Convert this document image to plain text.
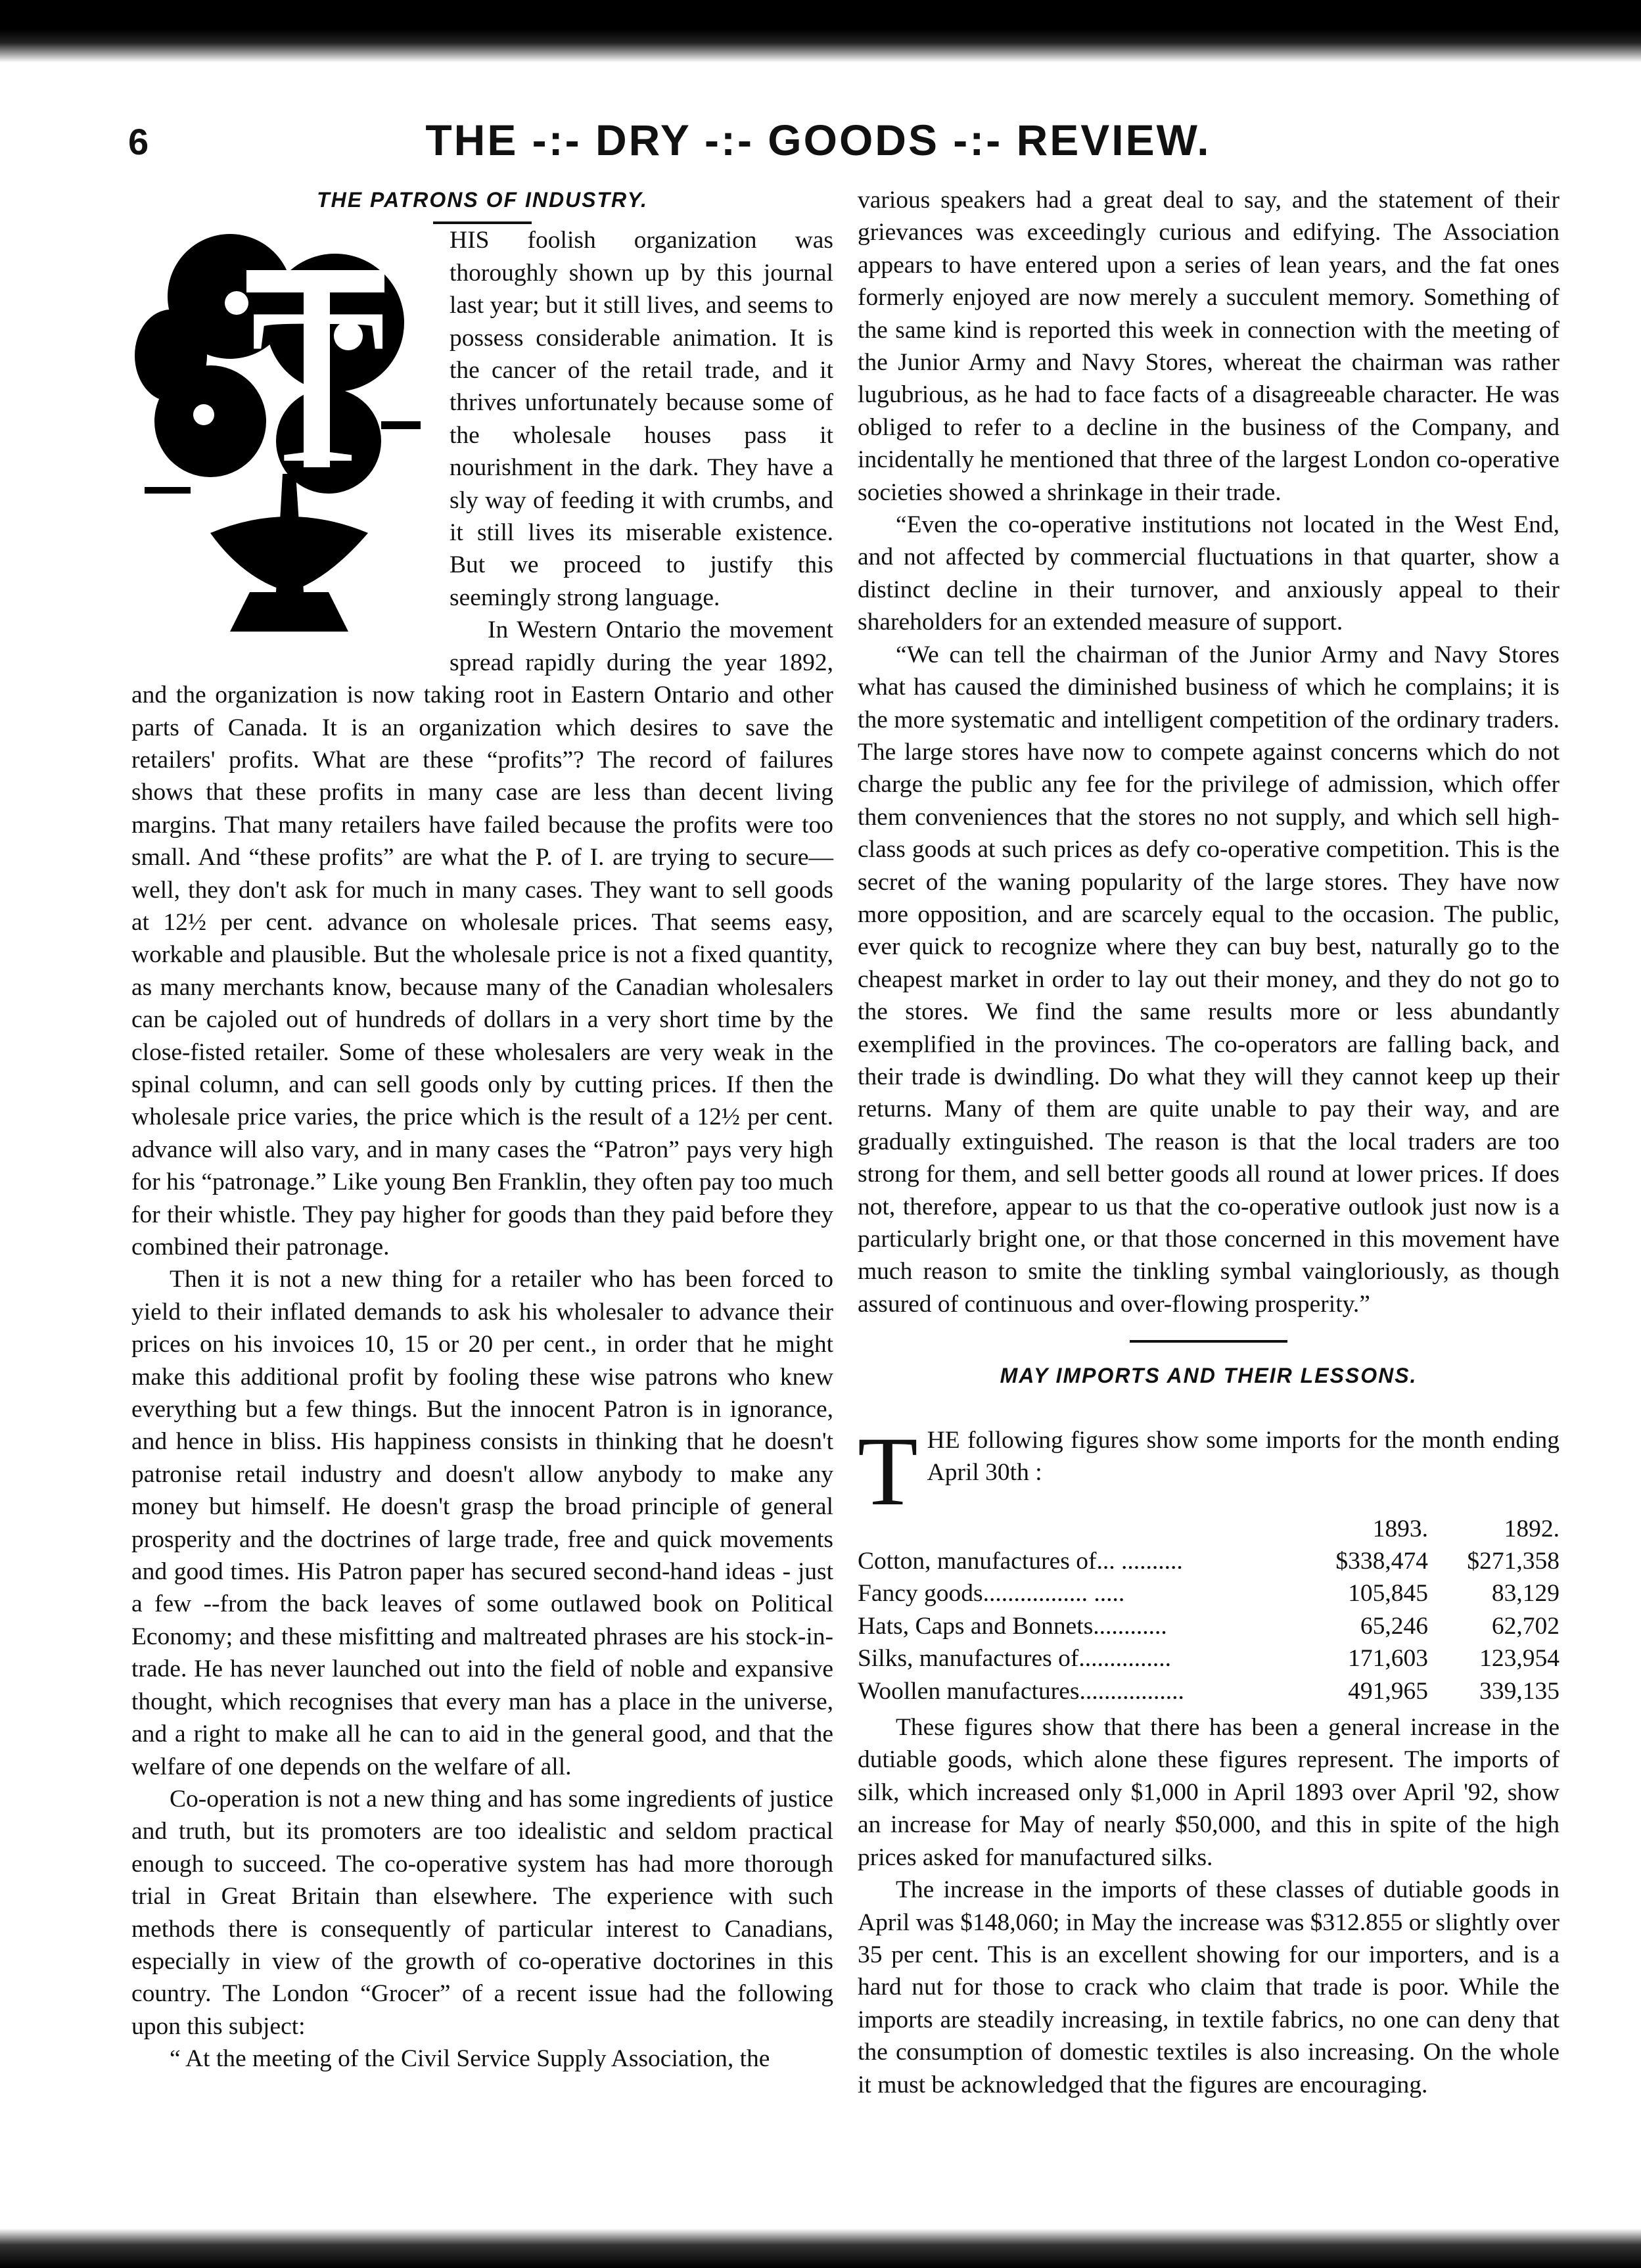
6	THE -:- DRY -:- GOODS -:- REVIEW.
THE PATRONS OF INDUSTRY.
T

HIS foolish organization was thoroughly shown up by this journal last year; but it still lives, and seems to possess considerable animation. It is the cancer of the retail trade, and it thrives unfortunately because some of the wholesale houses pass it nourishment in the dark. They have a sly way of feeding it with crumbs, and it still lives its miserable existence. But we proceed to justify this seemingly strong language.

In Western Ontario the movement spread rapidly during the year 1892, and the organization is now taking root in Eastern Ontario and other parts of Canada. It is an organization which desires to save the retailers' profits. What are these “profits”? The record of failures shows that these profits in many case are less than decent living margins. That many retailers have failed because the profits were too small. And “these profits” are what the P. of I. are trying to secure—well, they don't ask for much in many cases. They want to sell goods at 12½ per cent. advance on wholesale prices. That seems easy, workable and plausible. But the wholesale price is not a fixed quantity, as many merchants know, because many of the Canadian wholesalers can be cajoled out of hundreds of dollars in a very short time by the close-fisted retailer. Some of these wholesalers are very weak in the spinal column, and can sell goods only by cutting prices. If then the wholesale price varies, the price which is the result of a 12½ per cent. advance will also vary, and in many cases the “Patron” pays very high for his “patronage.” Like young Ben Franklin, they often pay too much for their whistle. They pay higher for goods than they paid before they combined their patronage.

Then it is not a new thing for a retailer who has been forced to yield to their inflated demands to ask his wholesaler to advance their prices on his invoices 10, 15 or 20 per cent., in order that he might make this additional profit by fooling these wise patrons who knew everything but a few things. But the innocent Patron is in ignorance, and hence in bliss. His happiness consists in thinking that he doesn't patronise retail industry and doesn't allow anybody to make any money but himself. He doesn't grasp the broad principle of general prosperity and the doctrines of large trade, free and quick movements and good times. His Patron paper has secured second-hand ideas - just a few --from the back leaves of some outlawed book on Political Economy; and these misfitting and maltreated phrases are his stock-in-trade. He has never launched out into the field of noble and expansive thought, which recognises that every man has a place in the universe, and a right to make all he can to aid in the general good, and that the welfare of one depends on the welfare of all.

Co-operation is not a new thing and has some ingredients of justice and truth, but its promoters are too idealistic and seldom practical enough to succeed. The co-operative system has had more thorough trial in Great Britain than elsewhere. The experience with such methods there is consequently of particular interest to Canadians, especially in view of the growth of co-operative doctorines in this country. The London “Grocer” of a recent issue had the following upon this subject:

“ At the meeting of the Civil Service Supply Association, the

various speakers had a great deal to say, and the statement of their grievances was exceedingly curious and edifying. The Association appears to have entered upon a series of lean years, and the fat ones formerly enjoyed are now merely a succulent memory. Something of the same kind is reported this week in connection with the meeting of the Junior Army and Navy Stores, whereat the chairman was rather lugubrious, as he had to face facts of a disagreeable character. He was obliged to refer to a decline in the business of the Company, and incidentally he mentioned that three of the largest London co-operative societies showed a shrinkage in their trade.

“Even the co-operative institutions not located in the West End, and not affected by commercial fluctuations in that quarter, show a distinct decline in their turnover, and anxiously appeal to their shareholders for an extended measure of support.

“We can tell the chairman of the Junior Army and Navy Stores what has caused the diminished business of which he complains; it is the more systematic and intelligent competition of the ordinary traders. The large stores have now to compete against concerns which do not charge the public any fee for the privilege of admission, which offer them conveniences that the stores no not supply, and which sell high-class goods at such prices as defy co-operative competition. This is the secret of the waning popularity of the large stores. They have now more opposition, and are scarcely equal to the occasion. The public, ever quick to recognize where they can buy best, naturally go to the cheapest market in order to lay out their money, and they do not go to the stores. We find the same results more or less abundantly exemplified in the provinces. The co-operators are falling back, and their trade is dwindling. Do what they will they cannot keep up their returns. Many of them are quite unable to pay their way, and are gradually extinguished. The reason is that the local traders are too strong for them, and sell better goods all round at lower prices. If does not, therefore, appear to us that the co-operative outlook just now is a particularly bright one, or that those concerned in this movement have much reason to smite the tinkling symbal vaingloriously, as though assured of continuous and over-flowing prosperity.”

MAY IMPORTS AND THEIR LESSONS.
T HE following figures show some imports for the month ending April 30th :

	1893.	1892.
Cotton, manufactures of... ..........	$338,474	$271,358
Fancy goods................. .....	105,845	83,129
Hats, Caps and Bonnets............	65,246	62,702
Silks, manufactures of...............	171,603	123,954
Woollen manufactures.................	491,965	339,135

These figures show that there has been a general increase in the dutiable goods, which alone these figures represent. The imports of silk, which increased only $1,000 in April 1893 over April '92, show an increase for May of nearly $50,000, and this in spite of the high prices asked for manufactured silks.

The increase in the imports of these classes of dutiable goods in April was $148,060; in May the increase was $312.855 or slightly over 35 per cent. This is an excellent showing for our importers, and is a hard nut for those to crack who claim that trade is poor. While the imports are steadily increasing, in textile fabrics, no one can deny that the consumption of domestic textiles is also increasing. On the whole it must be acknowledged that the figures are encouraging.
